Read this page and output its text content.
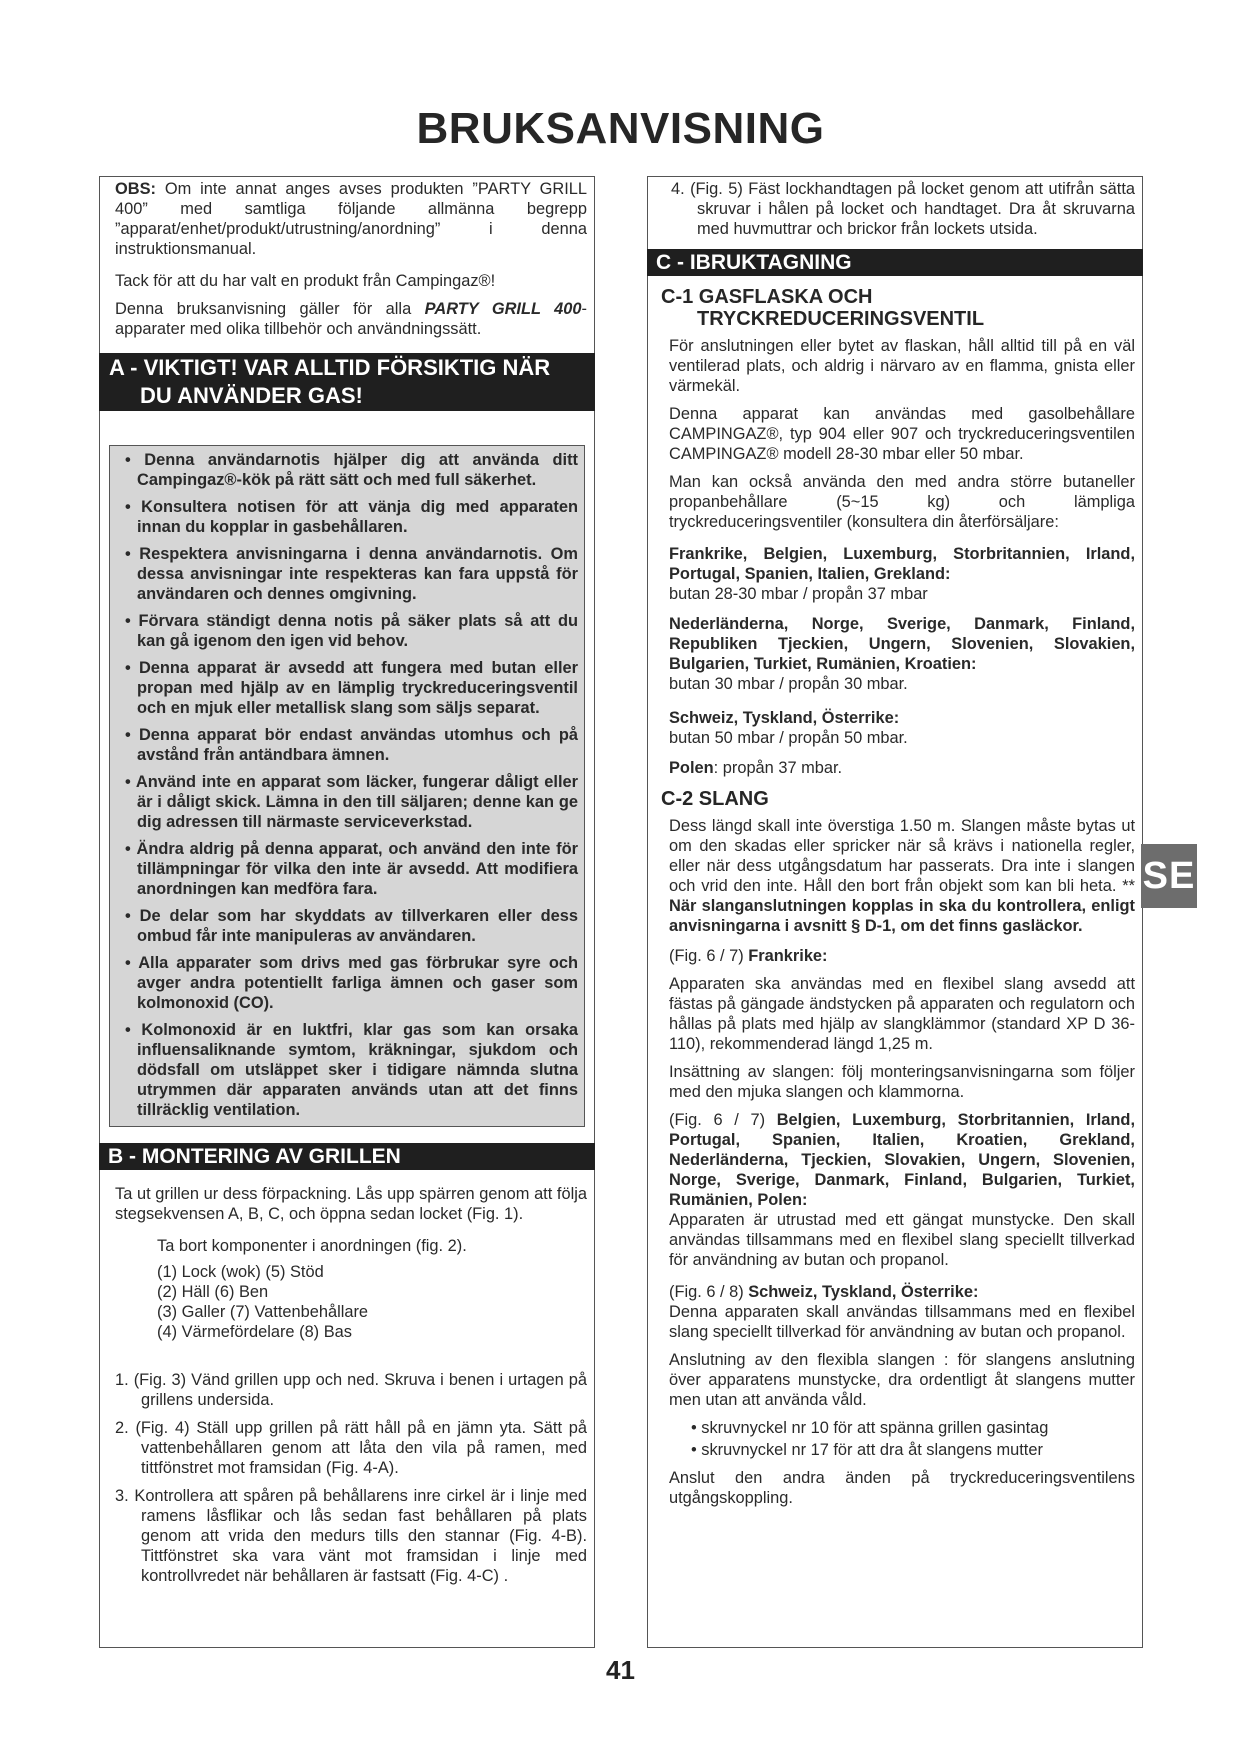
BRUKSANVISNING

OBS: Om inte annat anges avses produkten ”PARTY GRILL 400” med samtliga följande allmänna begrepp ”apparat/enhet/produkt/utrustning/anordning” i denna instruktionsmanual.

Tack för att du har valt en produkt från Campingaz®!

Denna bruksanvisning gäller för alla PARTY GRILL 400-apparater med olika tillbehör och användningssätt.

A - VIKTIGT! VAR ALLTID FÖRSIKTIG NÄR
DU ANVÄNDER GAS!
• Denna användarnotis hjälper dig att använda ditt Campingaz®-kök på rätt sätt och med full säkerhet.
• Konsultera notisen för att vänja dig med apparaten innan du kopplar in gasbehållaren.
• Respektera anvisningarna i denna användarnotis. Om dessa anvisningar inte respekteras kan fara uppstå för användaren och dennes omgivning.
• Förvara ständigt denna notis på säker plats så att du kan gå igenom den igen vid behov.
• Denna apparat är avsedd att fungera med butan eller propan med hjälp av en lämplig tryckreduceringsventil och en mjuk eller metallisk slang som säljs separat.
• Denna apparat bör endast användas utomhus och på avstånd från antändbara ämnen.
• Använd inte en apparat som läcker, fungerar dåligt eller är i dåligt skick. Lämna in den till säljaren; denne kan ge dig adressen till närmaste serviceverkstad.
• Ändra aldrig på denna apparat, och använd den inte för tillämpningar för vilka den inte är avsedd. Att modifiera anordningen kan medföra fara.
• De delar som har skyddats av tillverkaren eller dess ombud får inte manipuleras av användaren.
• Alla apparater som drivs med gas förbrukar syre och avger andra potentiellt farliga ämnen och gaser som kolmonoxid (CO).
• Kolmonoxid är en luktfri, klar gas som kan orsaka influensaliknande symtom, kräkningar, sjukdom och dödsfall om utsläppet sker i tidigare nämnda slutna utrymmen där apparaten används utan att det finns tillräcklig ventilation.
B - MONTERING AV GRILLEN

Ta ut grillen ur dess förpackning. Lås upp spärren genom att följa stegsekvensen A, B, C, och öppna sedan locket (Fig. 1).

Ta bort komponenter i anordningen (fig. 2).
(1) Lock (wok) (5) Stöd
(2) Häll (6) Ben
(3) Galler (7) Vattenbehållare
(4) Värmefördelare (8) Bas
1. (Fig. 3) Vänd grillen upp och ned. Skruva i benen i urtagen på grillens undersida.
2. (Fig. 4) Ställ upp grillen på rätt håll på en jämn yta. Sätt på vattenbehållaren genom att låta den vila på ramen, med tittfönstret mot framsidan (Fig. 4-A).
3. Kontrollera att spåren på behållarens inre cirkel är i linje med ramens låsflikar och lås sedan fast behållaren på plats genom att vrida den medurs tills den stannar (Fig. 4-B). Tittfönstret ska vara vänt mot framsidan i linje med kontrollvredet när behållaren är fastsatt (Fig. 4-C) .
4. (Fig. 5) Fäst lockhandtagen på locket genom att utifrån sätta skruvar i hålen på locket och handtaget. Dra åt skruvarna med huvmuttrar och brickor från lockets utsida.
C - IBRUKTAGNING
C-1 GASFLASKA OCH
TRYCKREDUCERINGSVENTIL

För anslutningen eller bytet av flaskan, håll alltid till på en väl ventilerad plats, och aldrig i närvaro av en flamma, gnista eller värmekäl.

Denna apparat kan användas med gasolbehållare CAMPINGAZ®, typ 904 eller 907 och tryckreduceringsventilen CAMPINGAZ® modell 28-30 mbar eller 50 mbar.

Man kan också använda den med andra större butaneller propanbehållare (5~15 kg) och lämpliga tryckreduceringsventiler (konsultera din återförsäljare:

Frankrike, Belgien, Luxemburg, Storbritannien, Irland, Portugal, Spanien, Italien, Grekland:
butan 28-30 mbar / propån 37 mbar
Nederländerna, Norge, Sverige, Danmark, Finland, Republiken Tjeckien, Ungern, Slovenien, Slovakien, Bulgarien, Turkiet, Rumänien, Kroatien:
butan 30 mbar / propån 30 mbar.
Schweiz, Tyskland, Österrike:
butan 50 mbar / propån 50 mbar.
Polen: propån 37 mbar.
C-2 SLANG

Dess längd skall inte överstiga 1.50 m. Slangen måste bytas ut om den skadas eller spricker när så krävs i nationella regler, eller när dess utgångsdatum har passerats. Dra inte i slangen och vrid den inte. Håll den bort från objekt som kan bli heta. ** När slanganslutningen kopplas in ska du kontrollera, enligt anvisningarna i avsnitt § D-1, om det finns gasläckor.

(Fig. 6 / 7) Frankrike:

Apparaten ska användas med en flexibel slang avsedd att fästas på gängade ändstycken på apparaten och regulatorn och hållas på plats med hjälp av slangklämmor (standard XP D 36-110), rekommenderad längd 1,25 m.

Insättning av slangen: följ monteringsanvisningarna som följer med den mjuka slangen och klammorna.

(Fig. 6 / 7) Belgien, Luxemburg, Storbritannien, Irland, Portugal, Spanien, Italien, Kroatien, Grekland, Nederländerna, Tjeckien, Slovakien, Ungern, Slovenien, Norge, Sverige, Danmark, Finland, Bulgarien, Turkiet, Rumänien, Polen:

Apparaten är utrustad med ett gängat munstycke. Den skall användas tillsammans med en flexibel slang speciellt tillverkad för användning av butan och propanol.

(Fig. 6 / 8) Schweiz, Tyskland, Österrike:

Denna apparaten skall användas tillsammans med en flexibel slang speciellt tillverkad för användning av butan och propanol.

Anslutning av den flexibla slangen : för slangens anslutning över apparatens munstycke, dra ordentligt åt slangens mutter men utan att använda våld.

• skruvnyckel nr 10 för att spänna grillen gasintag
• skruvnyckel nr 17 för att dra åt slangens mutter

Anslut den andra änden på tryckreduceringsventilens utgångskoppling.

SE
41
